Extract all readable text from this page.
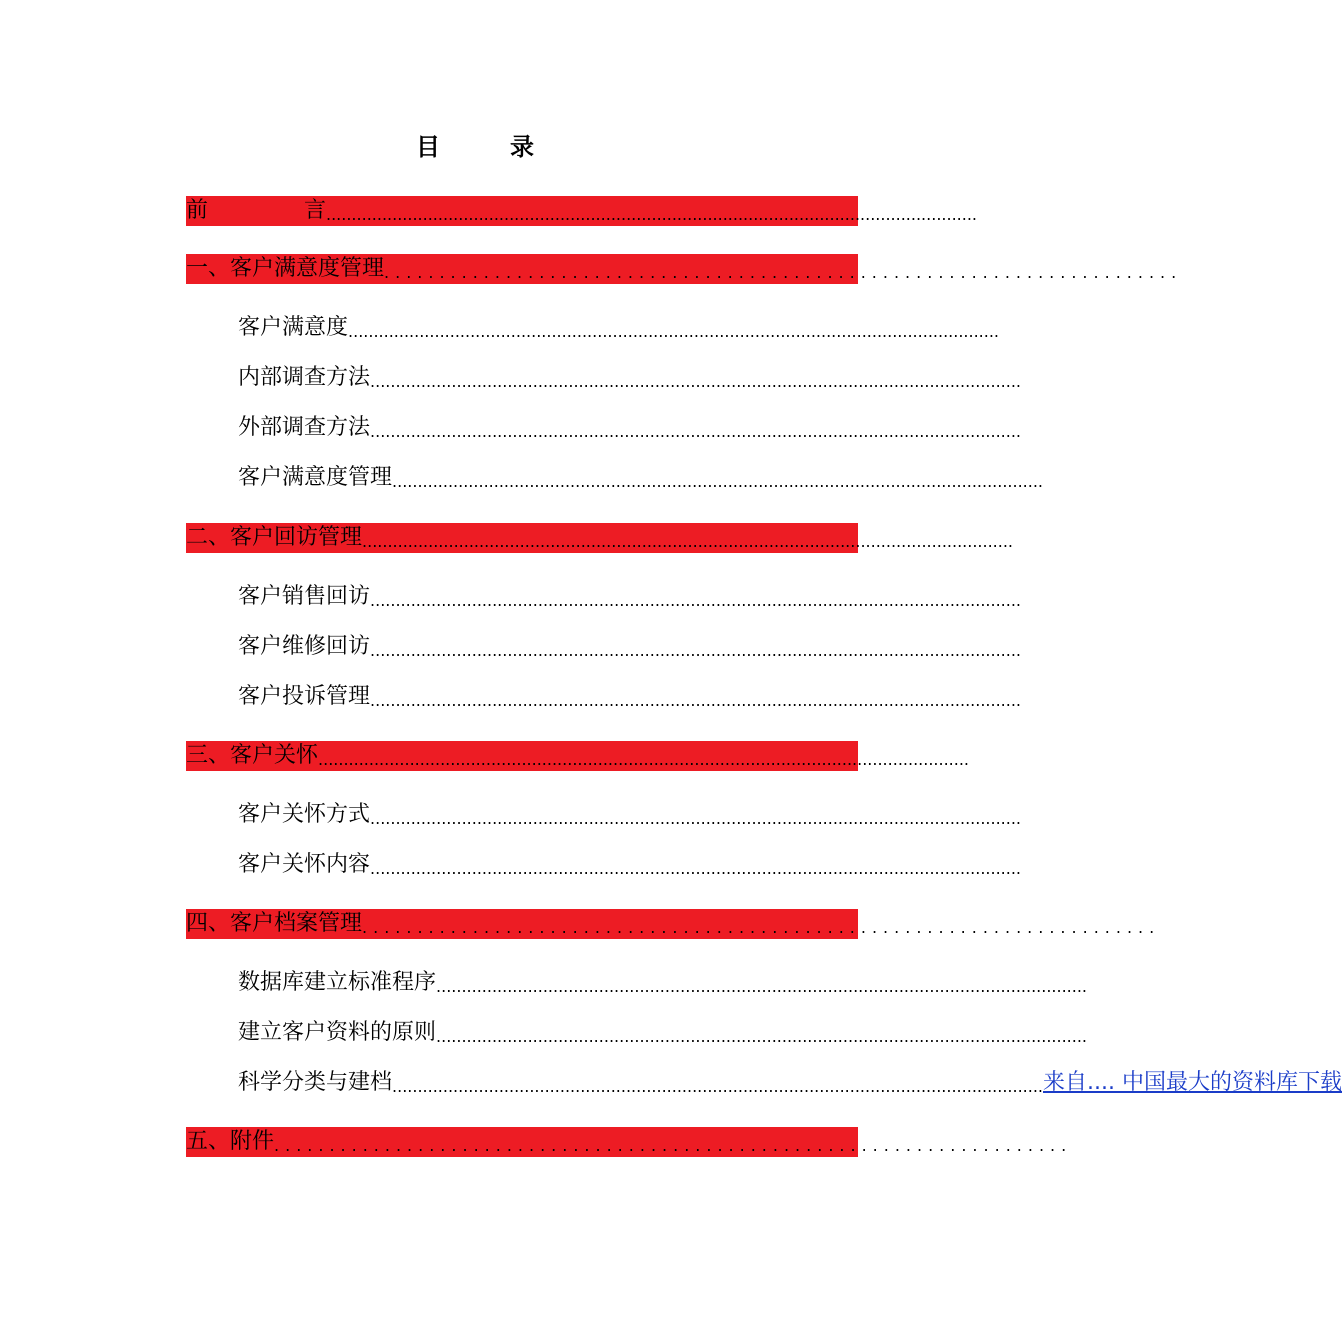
目	录
前	言 ................................................................................................................................
一、客户满意度管理 ........................................................................
客户满意度 ................................................................................................................................
内部调查方法 ................................................................................................................................
外部调查方法 ................................................................................................................................
客户满意度管理 ................................................................................................................................
二、客户回访管理 ................................................................................................................................
客户销售回访 ................................................................................................................................
客户维修回访 ................................................................................................................................
客户投诉管理 ................................................................................................................................
三、客户关怀 ................................................................................................................................
客户关怀方式 ................................................................................................................................
客户关怀内容 ................................................................................................................................
四、客户档案管理 ........................................................................
数据库建立标准程序 ................................................................................................................................
建立客户资料的原则 ................................................................................................................................
科学分类与建档 ................................................................................................................................ 来自.... 中国最大的资料库下载
五、附件 ........................................................................
